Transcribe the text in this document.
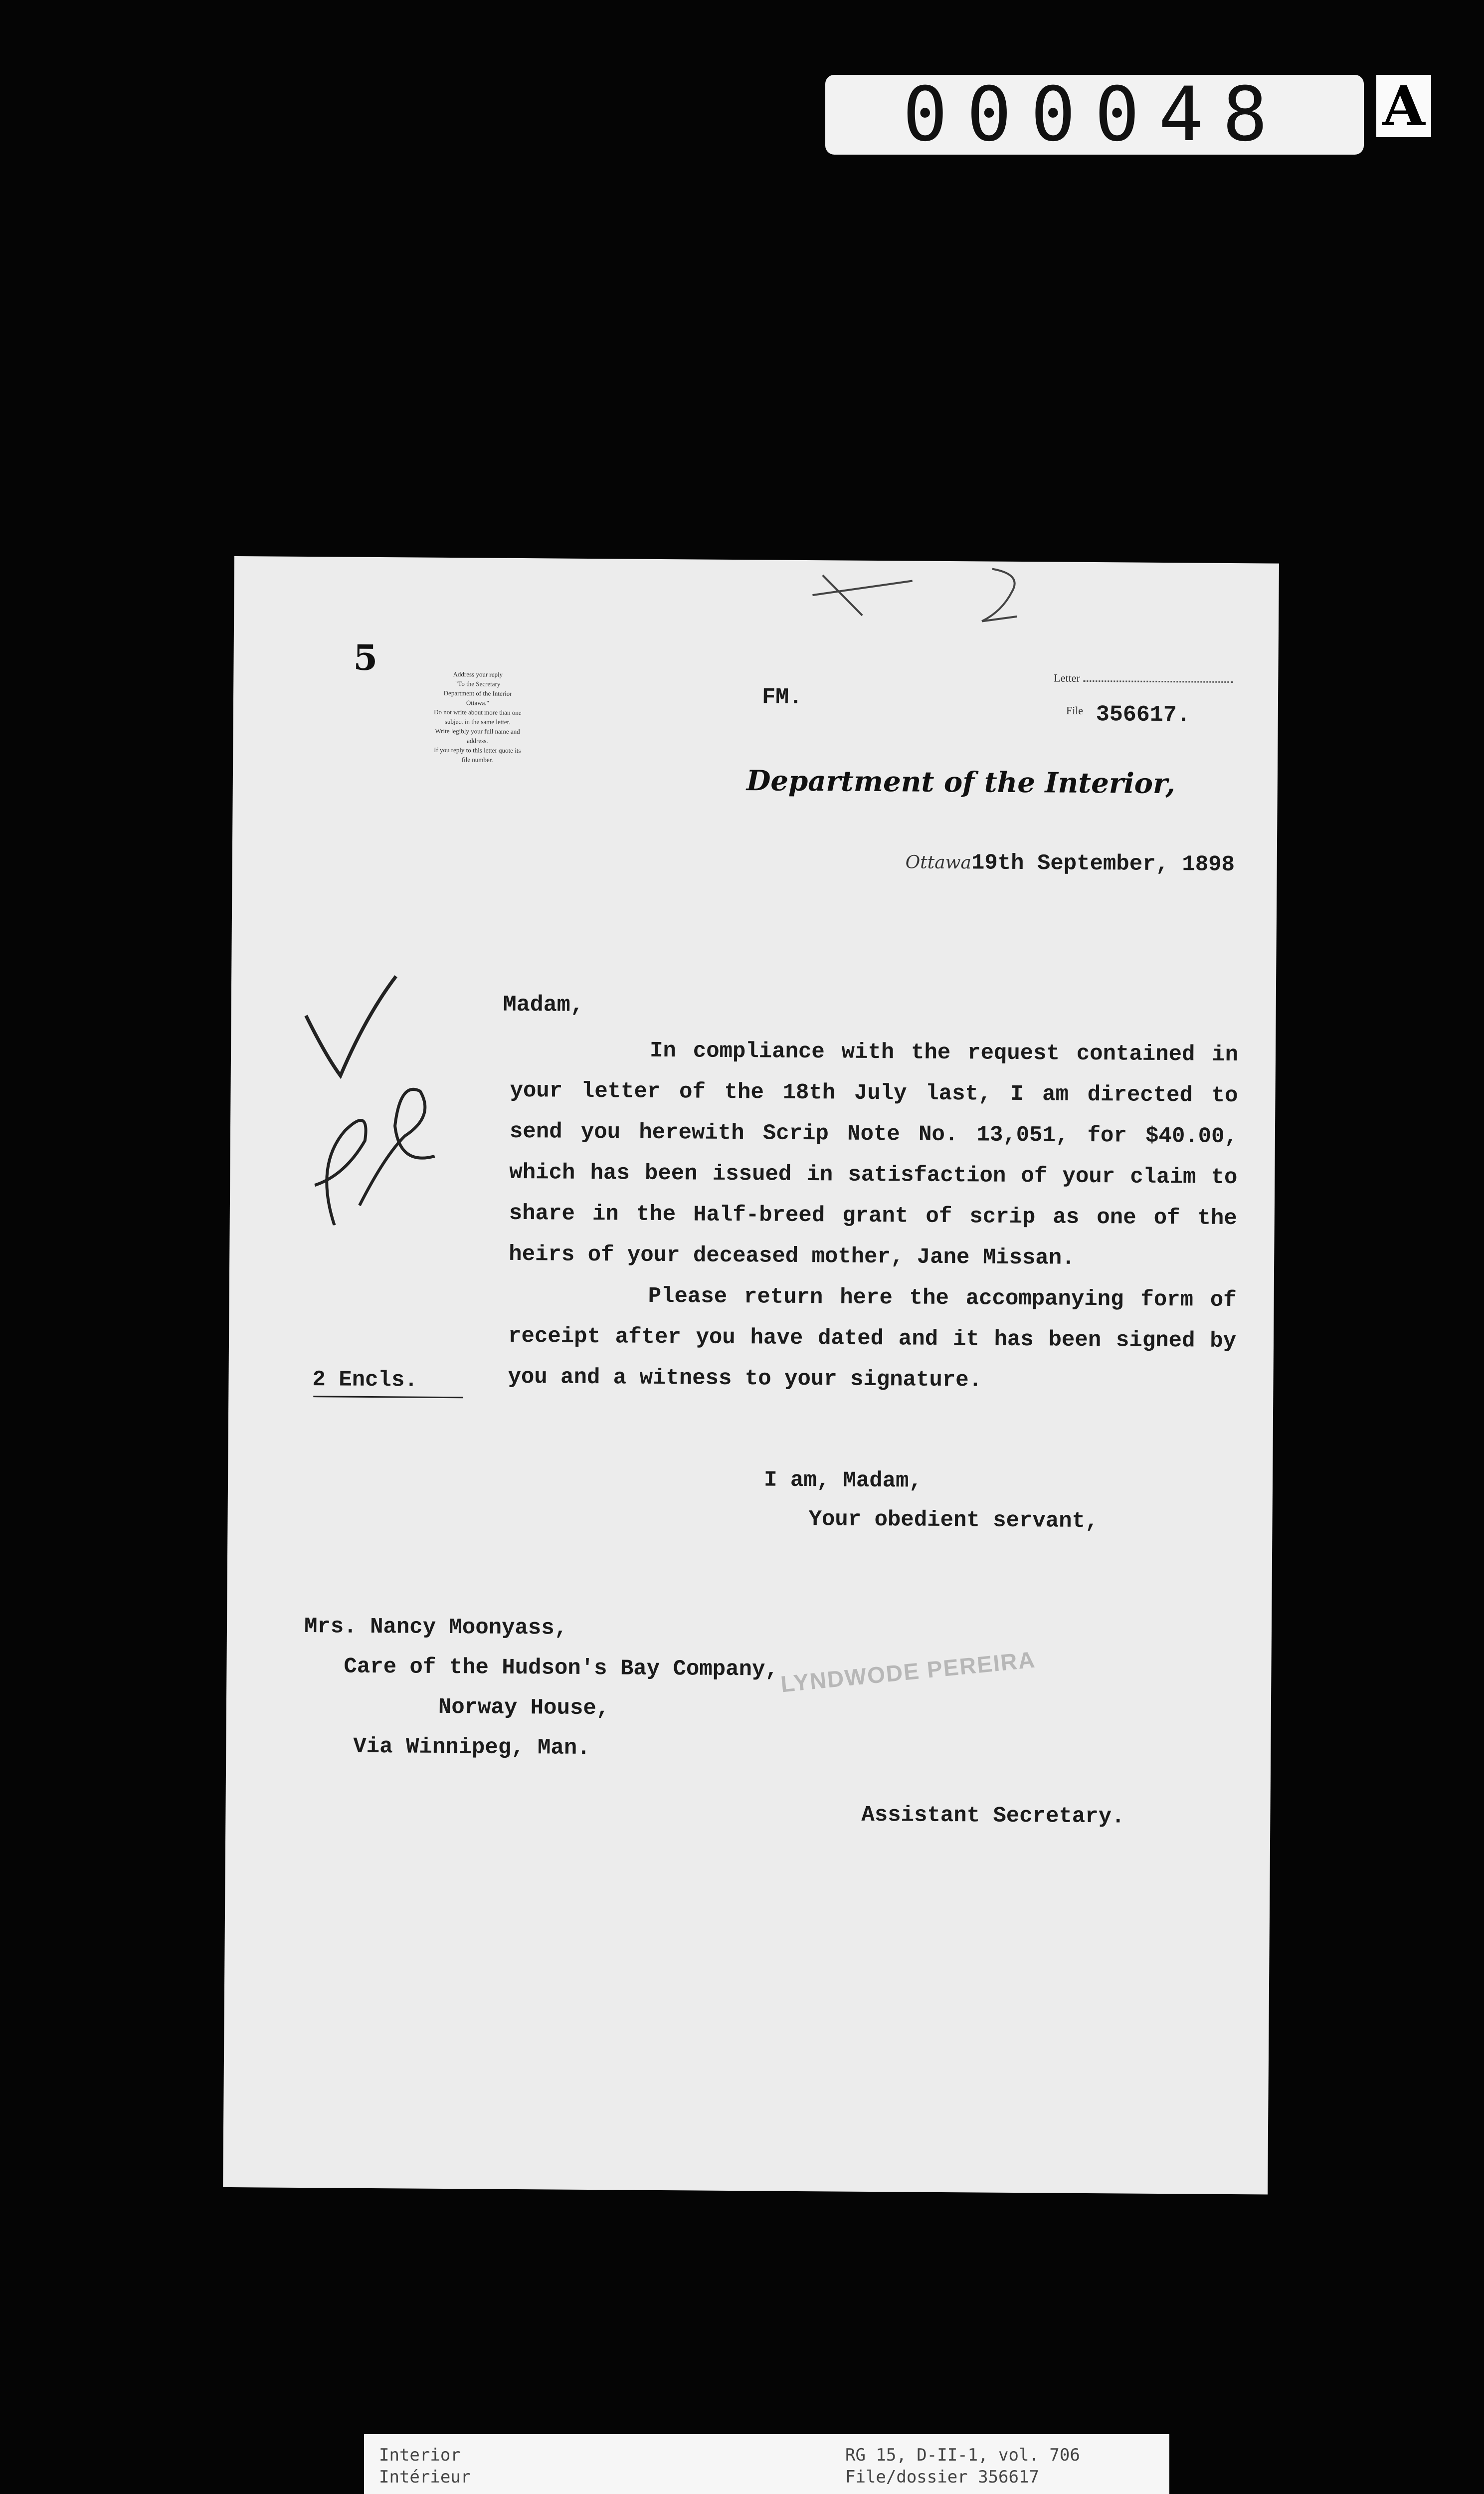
000048	A
5	Address your reply
"To the Secretary
Department of the Interior
Ottawa."
Do not write about more than one
subject in the same letter.
Write legibly your full name and
address.
If you reply to this letter quote its
file number.
FM.
Letter
File 356617.
Department of the Interior,
Ottawa19th September, 1898
Madam,
In compliance with the request contained in your letter of the 18th July last, I am directed to send you herewith Scrip Note No. 13,051, for $40.00, which has been issued in satisfaction of your claim to share in the Half-breed grant of scrip as one of the heirs of your deceased mother, Jane Missan.
Please return here the accompanying form of receipt after you have dated and it has been signed by you and a witness to your signature.
2 Encls.
I am, Madam,
Your obedient servant,
Mrs. Nancy Moonyass,
Care of the Hudson's Bay Company,
Norway House,
Via Winnipeg, Man.
LYNDWODE PEREIRA
Assistant Secretary.
Interior
Intérieur
RG 15, D-II-1, vol. 706
File/dossier 356617
